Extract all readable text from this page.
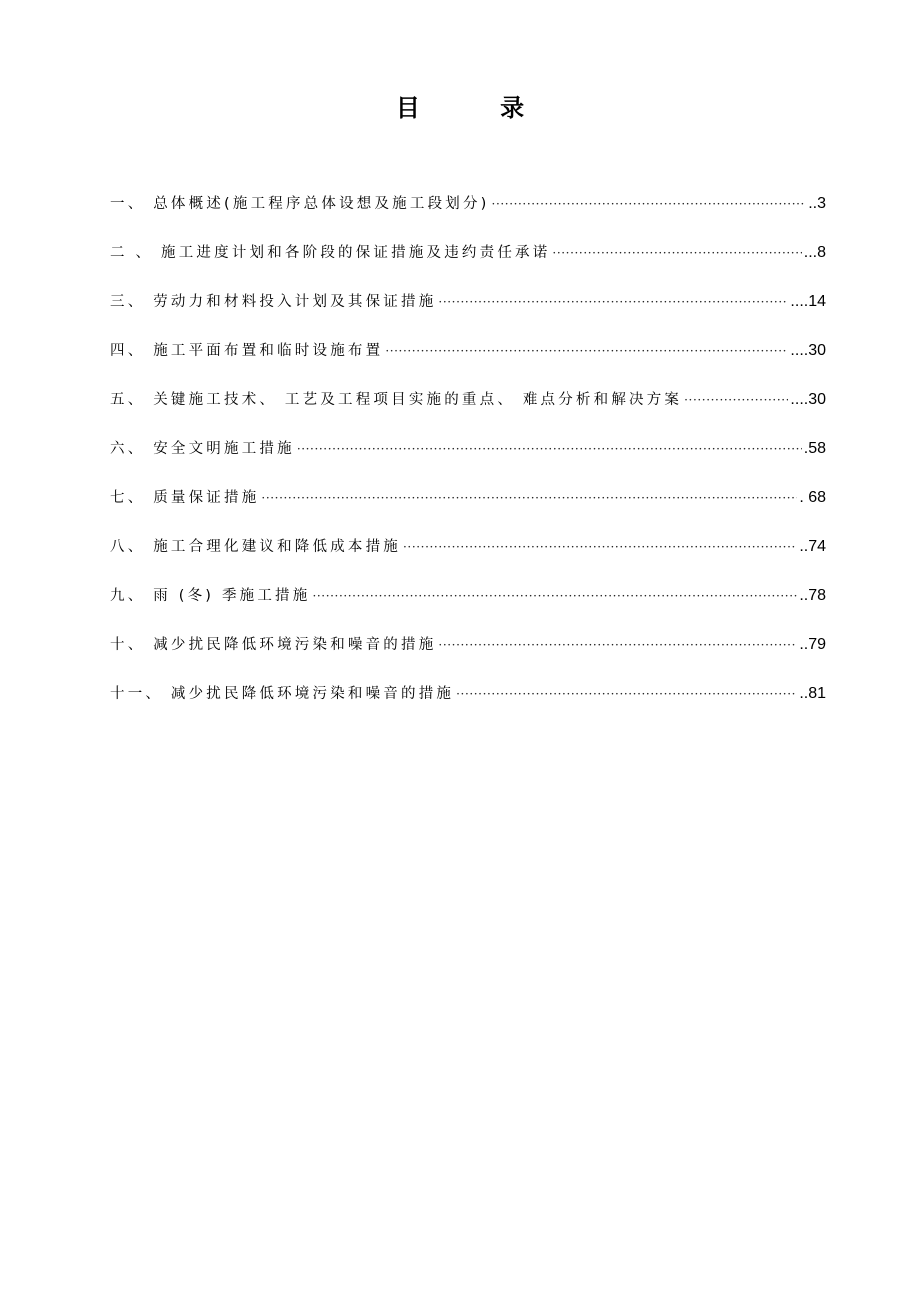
目 录
一、 总体概述(施工程序总体设想及施工段划分) ·····	..3
二 、 施工进度计划和各阶段的保证措施及违约责任承诺 ·····	...8
三、 劳动力和材料投入计划及其保证措施 ·····	....14
四、 施工平面布置和临时设施布置 ·····	....30
五、 关键施工技术、 工艺及工程项目实施的重点、 难点分析和解决方案 ·····	....30
六、 安全文明施工措施 ·····	.58
七、 质量保证措施 ·····	. 68
八、 施工合理化建议和降低成本措施 ·····	..74
九、 雨 (冬) 季施工措施 ·····	..78
十、 减少扰民降低环境污染和噪音的措施 ·····	..79
十一、 减少扰民降低环境污染和噪音的措施 ·····	..81
